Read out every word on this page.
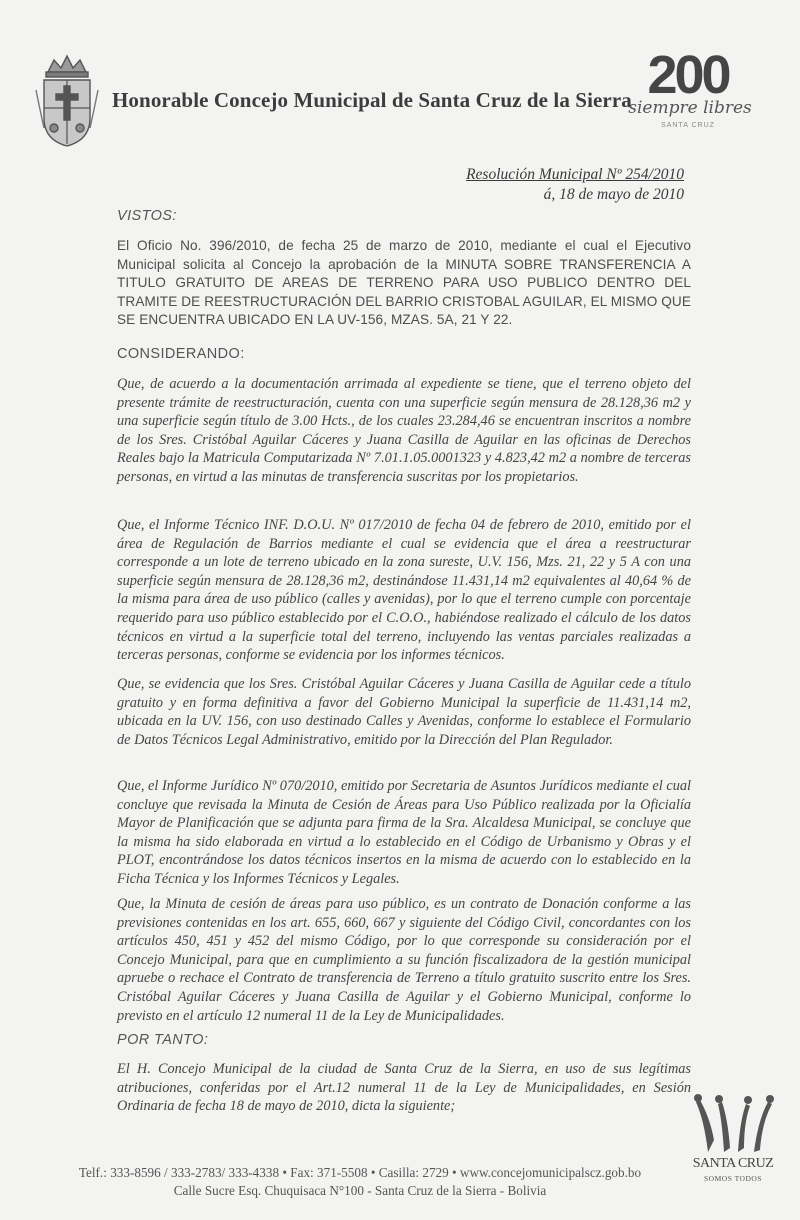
Honorable Concejo Municipal de Santa Cruz de la Sierra 200
siempre libres
SANTA CRUZ
Resolución Municipal Nº 254/2010
á, 18 de mayo de 2010
VISTOS:

El Oficio No. 396/2010, de fecha 25 de marzo de 2010, mediante el cual el Ejecutivo Municipal solicita al Concejo la aprobación de la MINUTA SOBRE TRANSFERENCIA A TITULO GRATUITO DE AREAS DE TERRENO PARA USO PUBLICO DENTRO DEL TRAMITE DE REESTRUCTURACIÓN DEL BARRIO CRISTOBAL AGUILAR, EL MISMO QUE SE ENCUENTRA UBICADO EN LA UV-156, MZAS. 5A, 21 Y 22.

CONSIDERANDO:

Que, de acuerdo a la documentación arrimada al expediente se tiene, que el terreno objeto del presente trámite de reestructuración, cuenta con una superficie según mensura de 28.128,36 m2 y una superficie según título de 3.00 Hcts., de los cuales 23.284,46 se encuentran inscritos a nombre de los Sres. Cristóbal Aguilar Cáceres y Juana Casilla de Aguilar en las oficinas de Derechos Reales bajo la Matricula Computarizada Nº 7.01.1.05.0001323 y 4.823,42 m2 a nombre de terceras personas, en virtud a las minutas de transferencia suscritas por los propietarios.

Que, el Informe Técnico INF. D.O.U. Nº 017/2010 de fecha 04 de febrero de 2010, emitido por el área de Regulación de Barrios mediante el cual se evidencia que el área a reestructurar corresponde a un lote de terreno ubicado en la zona sureste, U.V. 156, Mzs. 21, 22 y 5 A con una superficie según mensura de 28.128,36 m2, destinándose 11.431,14 m2 equivalentes al 40,64 % de la misma para área de uso público (calles y avenidas), por lo que el terreno cumple con porcentaje requerido para uso público establecido por el C.O.O., habiéndose realizado el cálculo de los datos técnicos en virtud a la superficie total del terreno, incluyendo las ventas parciales realizadas a terceras personas, conforme se evidencia por los informes técnicos.

Que, se evidencia que los Sres. Cristóbal Aguilar Cáceres y Juana Casilla de Aguilar cede a título gratuito y en forma definitiva a favor del Gobierno Municipal la superficie de 11.431,14 m2, ubicada en la UV. 156, con uso destinado Calles y Avenidas, conforme lo establece el Formulario de Datos Técnicos Legal Administrativo, emitido por la Dirección del Plan Regulador.

Que, el Informe Jurídico Nº 070/2010, emitido por Secretaria de Asuntos Jurídicos mediante el cual concluye que revisada la Minuta de Cesión de Áreas para Uso Público realizada por la Oficialía Mayor de Planificación que se adjunta para firma de la Sra. Alcaldesa Municipal, se concluye que la misma ha sido elaborada en virtud a lo establecido en el Código de Urbanismo y Obras y el PLOT, encontrándose los datos técnicos insertos en la misma de acuerdo con lo establecido en la Ficha Técnica y los Informes Técnicos y Legales.

Que, la Minuta de cesión de áreas para uso público, es un contrato de Donación conforme a las previsiones contenidas en los art. 655, 660, 667 y siguiente del Código Civil, concordantes con los artículos 450, 451 y 452 del mismo Código, por lo que corresponde su consideración por el Concejo Municipal, para que en cumplimiento a su función fiscalizadora de la gestión municipal apruebe o rechace el Contrato de transferencia de Terreno a título gratuito suscrito entre los Sres. Cristóbal Aguilar Cáceres y Juana Casilla de Aguilar y el Gobierno Municipal, conforme lo previsto en el artículo 12 numeral 11 de la Ley de Municipalidades.

POR TANTO:

El H. Concejo Municipal de la ciudad de Santa Cruz de la Sierra, en uso de sus legítimas atribuciones, conferidas por el Art.12 numeral 11 de la Ley de Municipalidades, en Sesión Ordinaria de fecha 18 de mayo de 2010, dicta la siguiente;

Telf.: 333-8596 / 333-2783/ 333-4338 • Fax: 371-5508 • Casilla: 2729 • www.concejomunicipalscz.gob.bo
Calle Sucre Esq. Chuquisaca N°100 - Santa Cruz de la Sierra - Bolivia
SANTA CRUZ
SOMOS TODOS
